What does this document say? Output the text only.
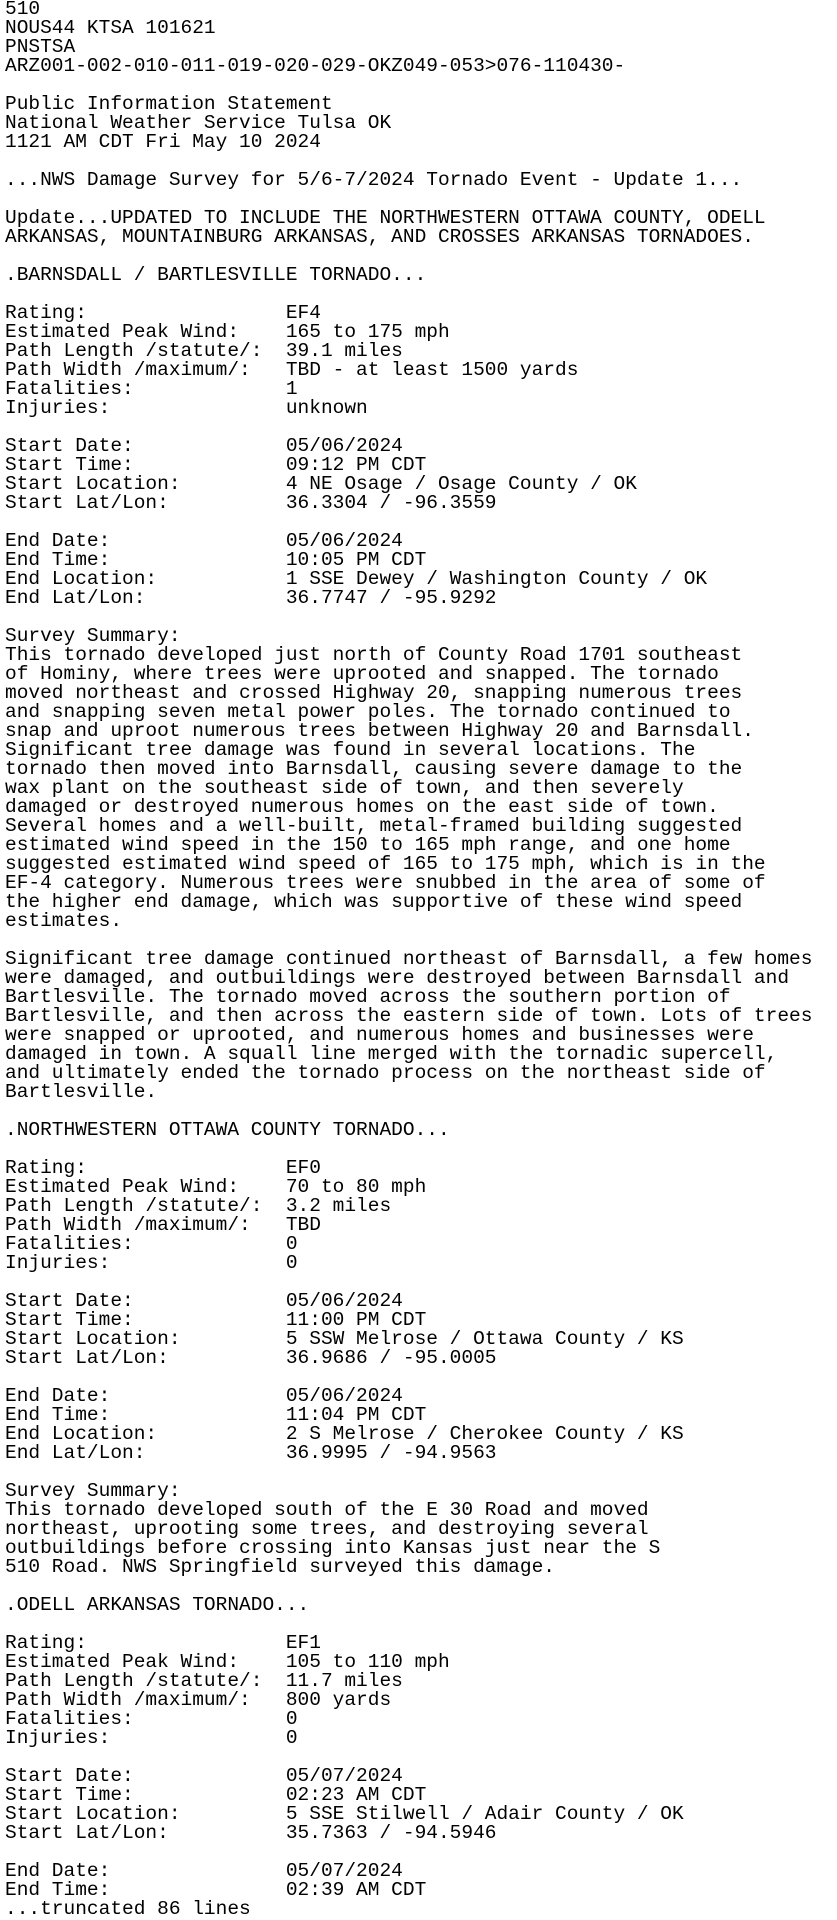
510
NOUS44 KTSA 101621
PNSTSA
ARZ001-002-010-011-019-020-029-OKZ049-053>076-110430-

Public Information Statement
National Weather Service Tulsa OK
1121 AM CDT Fri May 10 2024

...NWS Damage Survey for 5/6-7/2024 Tornado Event - Update 1...

Update...UPDATED TO INCLUDE THE NORTHWESTERN OTTAWA COUNTY, ODELL
ARKANSAS, MOUNTAINBURG ARKANSAS, AND CROSSES ARKANSAS TORNADOES.

.BARNSDALL / BARTLESVILLE TORNADO...

Rating:                 EF4
Estimated Peak Wind:    165 to 175 mph
Path Length /statute/:  39.1 miles
Path Width /maximum/:   TBD - at least 1500 yards
Fatalities:             1
Injuries:               unknown

Start Date:             05/06/2024
Start Time:             09:12 PM CDT
Start Location:         4 NE Osage / Osage County / OK
Start Lat/Lon:          36.3304 / -96.3559

End Date:               05/06/2024
End Time:               10:05 PM CDT
End Location:           1 SSE Dewey / Washington County / OK
End Lat/Lon:            36.7747 / -95.9292

Survey Summary:
This tornado developed just north of County Road 1701 southeast
of Hominy, where trees were uprooted and snapped. The tornado
moved northeast and crossed Highway 20, snapping numerous trees
and snapping seven metal power poles. The tornado continued to
snap and uproot numerous trees between Highway 20 and Barnsdall.
Significant tree damage was found in several locations. The
tornado then moved into Barnsdall, causing severe damage to the
wax plant on the southeast side of town, and then severely
damaged or destroyed numerous homes on the east side of town.
Several homes and a well-built, metal-framed building suggested
estimated wind speed in the 150 to 165 mph range, and one home
suggested estimated wind speed of 165 to 175 mph, which is in the
EF-4 category. Numerous trees were snubbed in the area of some of
the higher end damage, which was supportive of these wind speed
estimates.

Significant tree damage continued northeast of Barnsdall, a few homes
were damaged, and outbuildings were destroyed between Barnsdall and
Bartlesville. The tornado moved across the southern portion of
Bartlesville, and then across the eastern side of town. Lots of trees
were snapped or uprooted, and numerous homes and businesses were
damaged in town. A squall line merged with the tornadic supercell,
and ultimately ended the tornado process on the northeast side of
Bartlesville.

.NORTHWESTERN OTTAWA COUNTY TORNADO...

Rating:                 EF0
Estimated Peak Wind:    70 to 80 mph
Path Length /statute/:  3.2 miles
Path Width /maximum/:   TBD
Fatalities:             0
Injuries:               0

Start Date:             05/06/2024
Start Time:             11:00 PM CDT
Start Location:         5 SSW Melrose / Ottawa County / KS
Start Lat/Lon:          36.9686 / -95.0005

End Date:               05/06/2024
End Time:               11:04 PM CDT
End Location:           2 S Melrose / Cherokee County / KS
End Lat/Lon:            36.9995 / -94.9563

Survey Summary:
This tornado developed south of the E 30 Road and moved
northeast, uprooting some trees, and destroying several
outbuildings before crossing into Kansas just near the S
510 Road. NWS Springfield surveyed this damage.

.ODELL ARKANSAS TORNADO...

Rating:                 EF1
Estimated Peak Wind:    105 to 110 mph
Path Length /statute/:  11.7 miles
Path Width /maximum/:   800 yards
Fatalities:             0
Injuries:               0

Start Date:             05/07/2024
Start Time:             02:23 AM CDT
Start Location:         5 SSE Stilwell / Adair County / OK
Start Lat/Lon:          35.7363 / -94.5946

End Date:               05/07/2024
End Time:               02:39 AM CDT
...truncated 86 lines
